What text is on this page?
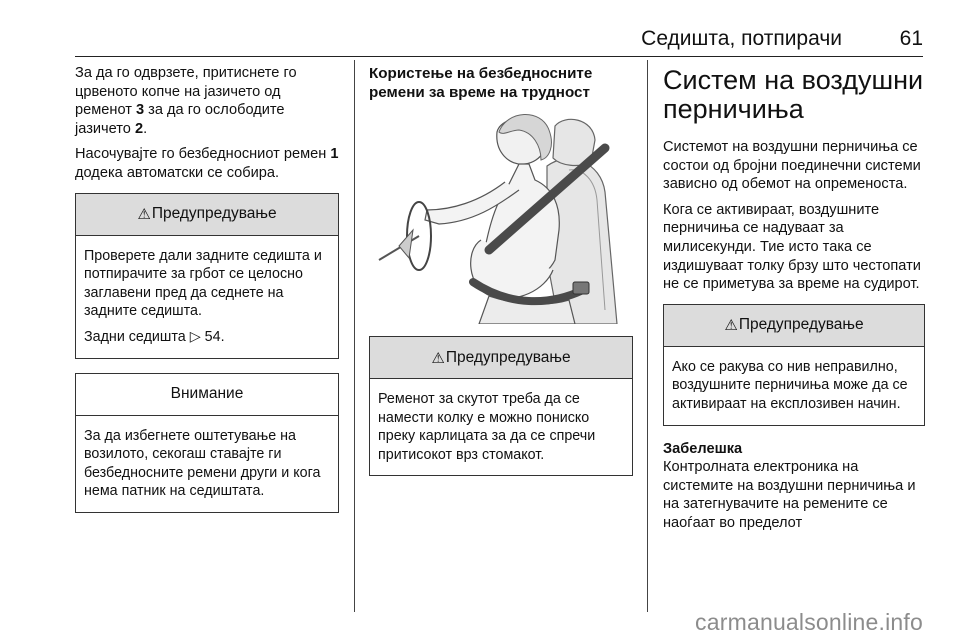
Седишта, потпирачи	61

За да го одврзете, притиснете го црвеното копче на јазичето од ременот 3 за да го ослободите јазичето 2.

Насочувајте го безбедносниот ремен 1 додека автоматски се собира.

⚠ Предупредување

Проверете дали задните седишта и потпирачите за грбот се целосно заглавени пред да седнете на задните седишта.

Задни седишта ▷ 54.

Внимание

За да избегнете оштетување на возилото, секогаш ставајте ги безбедносните ремени други и кога нема патник на седиштата.

Користење на безбедносните ремени за време на трудност
⚠ Предупредување

Ременот за скутот треба да се намести колку е можно пониско преку карлицата за да се спречи притисокот врз стомакот.

Систем на воздушни перничиња

Системот на воздушни перничиња се состои од бројни поединечни системи зависно од обемот на опременоста.

Кога се активираат, воздушните перничиња се надуваат за милисекунди. Тие исто така се издишуваат толку брзу што честопати не се приметува за време на судирот.

⚠ Предупредување

Ако се ракува со нив неправилно, воздушните перничиња може да се активираат на експлозивен начин.

Забелешка

Контролната електроника на системите на воздушни перничиња и на затегнувачите на ремените се наоѓаат во пределот

carmanualsonline.info
